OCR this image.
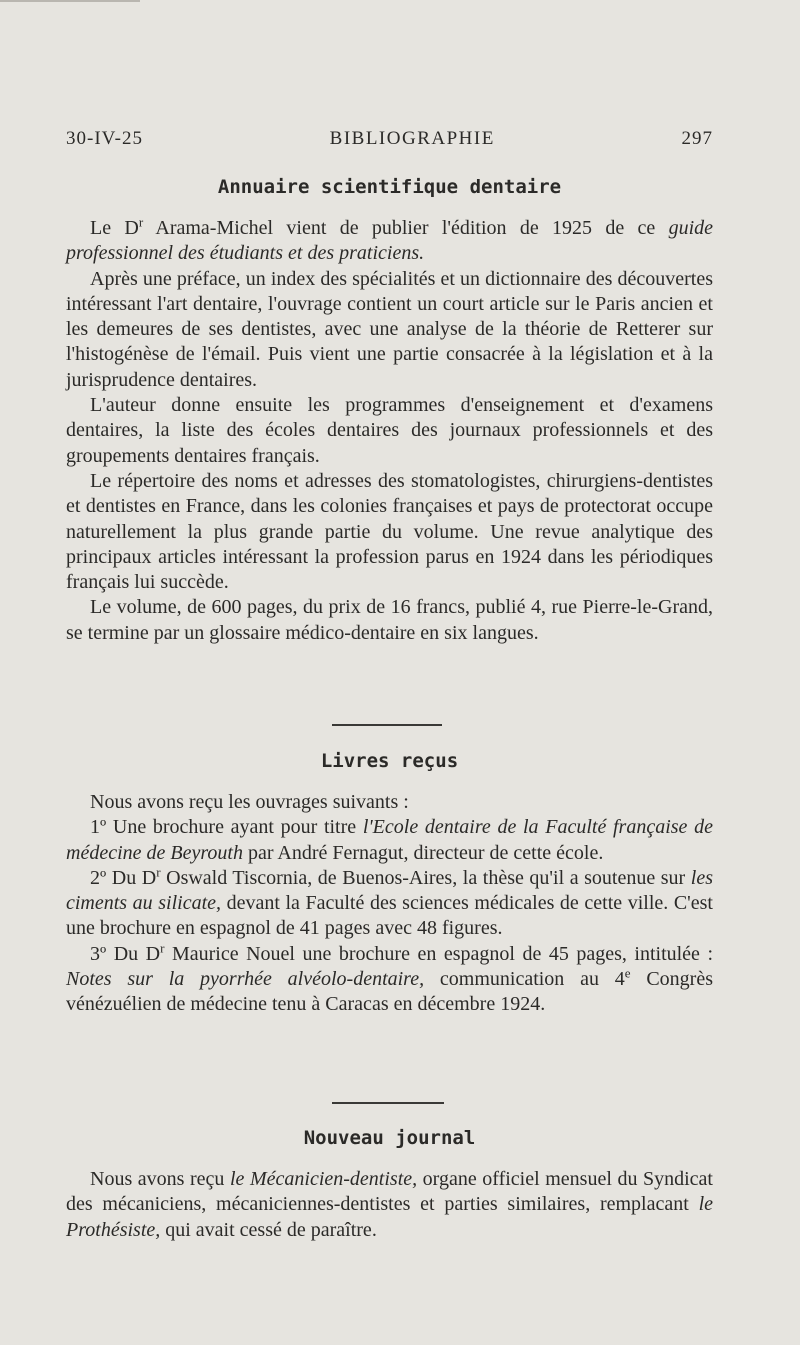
30-IV-25	BIBLIOGRAPHIE	297
Annuaire scientifique dentaire

Le $D^r$ Arama-Michel vient de publier l'édition de 1925 de ce guide professionnel des étudiants et des praticiens.

Après une préface, un index des spécialités et un dictionnaire des découvertes intéressant l'art dentaire, l'ouvrage contient un court article sur le Paris ancien et les demeures de ses dentistes, avec une analyse de la théorie de Retterer sur l'histogénèse de l'émail. Puis vient une partie consacrée à la législation et à la jurisprudence dentaires.

L'auteur donne ensuite les programmes d'enseignement et d'examens dentaires, la liste des écoles dentaires des journaux professionnels et des groupements dentaires français.

Le répertoire des noms et adresses des stomatologistes, chirurgiens-dentistes et dentistes en France, dans les colonies françaises et pays de protectorat occupe naturellement la plus grande partie du volume. Une revue analytique des principaux articles intéressant la profession parus en 1924 dans les périodiques français lui succède.

Le volume, de 600 pages, du prix de 16 francs, publié 4, rue Pierre-le-Grand, se termine par un glossaire médico-dentaire en six langues.

Livres reçus

Nous avons reçu les ouvrages suivants :

1º Une brochure ayant pour titre l'Ecole dentaire de la Faculté française de médecine de Beyrouth par André Fernagut, directeur de cette école.

2º Du $D^r$ Oswald Tiscornia, de Buenos-Aires, la thèse qu'il a soutenue sur les ciments au silicate, devant la Faculté des sciences médicales de cette ville. C'est une brochure en espagnol de 41 pages avec 48 figures.

3º Du $D^r$ Maurice Nouel une brochure en espagnol de 45 pages, intitulée : Notes sur la pyorrhée alvéolo-dentaire, communication au 4e Congrès vénézuélien de médecine tenu à Caracas en décembre 1924.

Nouveau journal

Nous avons reçu le Mécanicien-dentiste, organe officiel mensuel du Syndicat des mécaniciens, mécaniciennes-dentistes et parties similaires, remplacant le Prothésiste, qui avait cessé de paraître.
